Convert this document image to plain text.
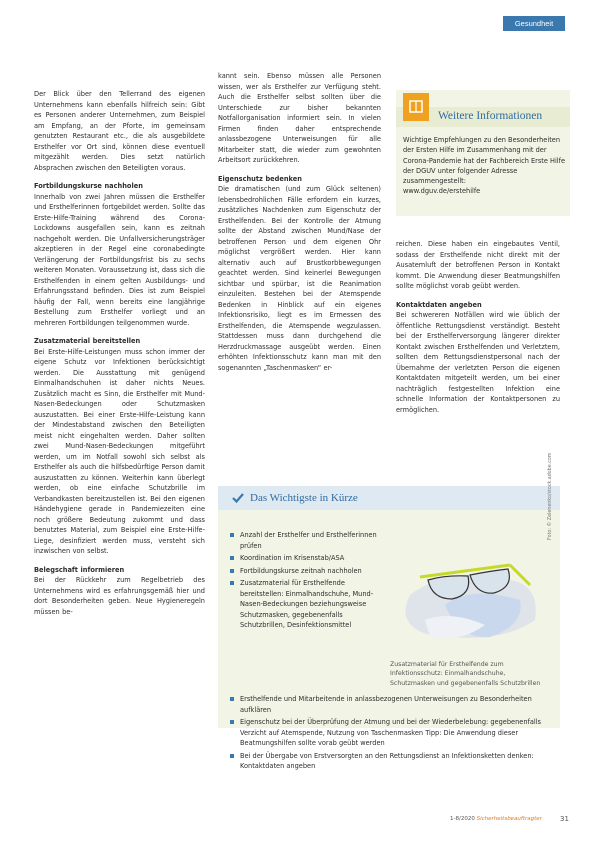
Gesundheit

Der Blick über den Tellerrand des eigenen Unternehmens kann ebenfalls hilfreich sein: Gibt es Personen anderer Unternehmen, zum Beispiel am Empfang, an der Pforte, im gemeinsam genutzten Restaurant etc., die als ausgebildete Ersthelfer vor Ort sind, können diese eventuell mitgezählt werden. Dies setzt natürlich Absprachen zwischen den Beteiligten voraus.

Fortbildungskurse nachholen

Innerhalb von zwei Jahren müssen die Ersthelfer und Ersthelferinnen fortgebildet werden. Sollte das Erste-Hilfe-Training während des Corona-Lockdowns ausgefallen sein, kann es zeitnah nachgeholt werden. Die Unfallversicherungsträger akzeptieren in der Regel eine coronabedingte Verlängerung der Fortbildungsfrist bis zu sechs weiteren Monaten. Voraussetzung ist, dass sich die Ersthelfenden in einem gelten Ausbildungs- und Erfahrungsstand befinden. Dies ist zum Beispiel häufig der Fall, wenn bereits eine langjährige Bestellung zum Ersthelfer vorliegt und an mehreren Fortbildungen teilgenommen wurde.

Zusatzmaterial bereitstellen

Bei Erste-Hilfe-Leistungen muss schon immer der eigene Schutz vor Infektionen berücksichtigt werden. Die Ausstattung mit genügend Einmalhandschuhen ist daher nichts Neues. Zusätzlich macht es Sinn, die Ersthelfer mit Mund-Nasen-Bedeckungen oder Schutzmasken auszustatten. Bei einer Erste-Hilfe-Leistung kann der Mindestabstand zwischen den Beteiligten meist nicht eingehalten werden. Daher sollten zwei Mund-Nasen-Bedeckungen mitgeführt werden, um im Notfall sowohl sich selbst als Ersthelfer als auch die hilfsbedürftige Person damit auszustatten zu können. Weiterhin kann überlegt werden, ob eine einfache Schutzbrille im Verbandkasten bereitzustellen ist. Bei den eigenen Händehygiene gerade in Pandemiezeiten eine noch größere Bedeutung zukommt und dass benutztes Material, zum Beispiel eine Erste-Hilfe-Liege, desinfiziert werden muss, versteht sich inzwischen von selbst.

Belegschaft informieren

Bei der Rückkehr zum Regelbetrieb des Unternehmens wird es erfahrungsgemäß hier und dort Besonderheiten geben. Neue Hygieneregeln müssen be-

kannt sein. Ebenso müssen alle Personen wissen, wer als Ersthelfer zur Verfügung steht. Auch die Ersthelfer selbst sollten über die Unterschiede zur bisher bekannten Notfallorganisation informiert sein. In vielen Firmen finden daher entsprechende anlassbezogene Unterweisungen für alle Mitarbeiter statt, die wieder zum gewohnten Arbeitsort zurückkehren.

Eigenschutz bedenken

Die dramatischen (und zum Glück seltenen) lebensbedrohlichen Fälle erfordern ein kurzes, zusätzliches Nachdenken zum Eigenschutz der Ersthelfenden. Bei der Kontrolle der Atmung sollte der Abstand zwischen Mund/Nase der betroffenen Person und dem eigenen Ohr möglichst vergrößert werden. Hier kann alternativ auch auf Brustkorbbewegungen geachtet werden. Sind keinerlei Bewegungen sichtbar und spürbar, ist die Reanimation einzuleiten. Bestehen bei der Atemspende Bedenken in Hinblick auf ein eigenes Infektionsrisiko, liegt es im Ermessen des Ersthelfenden, die Atemspende wegzulassen. Stattdessen muss dann durchgehend die Herzdruckmassage ausgeübt werden. Einen erhöhten Infektionsschutz kann man mit den sogenannten „Taschenmasken“ er-

reichen. Diese haben ein eingebautes Ventil, sodass der Ersthelfende nicht direkt mit der Ausatemluft der betroffenen Person in Kontakt kommt. Die Anwendung dieser Beatmungshilfen sollte möglichst vorab geübt werden.

Kontaktdaten angeben

Bei schwereren Notfällen wird wie üblich der öffentliche Rettungsdienst verständigt. Besteht bei der Ersthelferversorgung längerer direkter Kontakt zwischen Ersthelfenden und Verletztem, sollten dem Rettungsdienstpersonal nach der Übernahme der verletzten Person die eigenen Kontaktdaten mitgeteilt werden, um bei einer nachträglich festgestellten Infektion eine schnelle Information der Kontaktpersonen zu ermöglichen.

Weitere Informationen
Wichtige Empfehlungen zu den Besonderheiten der Ersten Hilfe im Zusammenhang mit der Corona-Pandemie hat der Fachbereich Erste Hilfe der DGUV unter folgender Adresse zusammengestellt:
www.dguv.de/erstehilfe
Das Wichtigste in Kürze
Anzahl der Ersthelfer und Ersthelferinnen prüfen
Koordination im Krisenstab/ASA
Fortbildungskurse zeitnah nachholen
Zusatzmaterial für Ersthelfende bereitstellen: Einmalhandschuhe, Mund-Nasen-Bedeckungen beziehungsweise Schutzmasken, gegebenenfalls Schutzbrillen, Desinfektionsmittel
Ersthelfende und Mitarbeitende in anlassbezogenen Unterweisungen zu Besonderheiten aufklären
Eigenschutz bei der Überprüfung der Atmung und bei der Wiederbelebung: gegebenenfalls Verzicht auf Atemspende, Nutzung von Taschenmasken Tipp: Die Anwendung dieser Beatmungshilfen sollte vorab geübt werden
Bei der Übergabe von Erstversorgten an den Rettungsdienst an Infektionsketten denken: Kontaktdaten angeben
Foto: © Zelenenko/stock.adobe.com
Zusatzmaterial für Ersthelfende zum Infektionsschutz: Einmalhandschuhe, Schutzmasken und gegebenenfalls Schutzbrillen
1-8/2020 Sicherheitsbeauftragter	31
